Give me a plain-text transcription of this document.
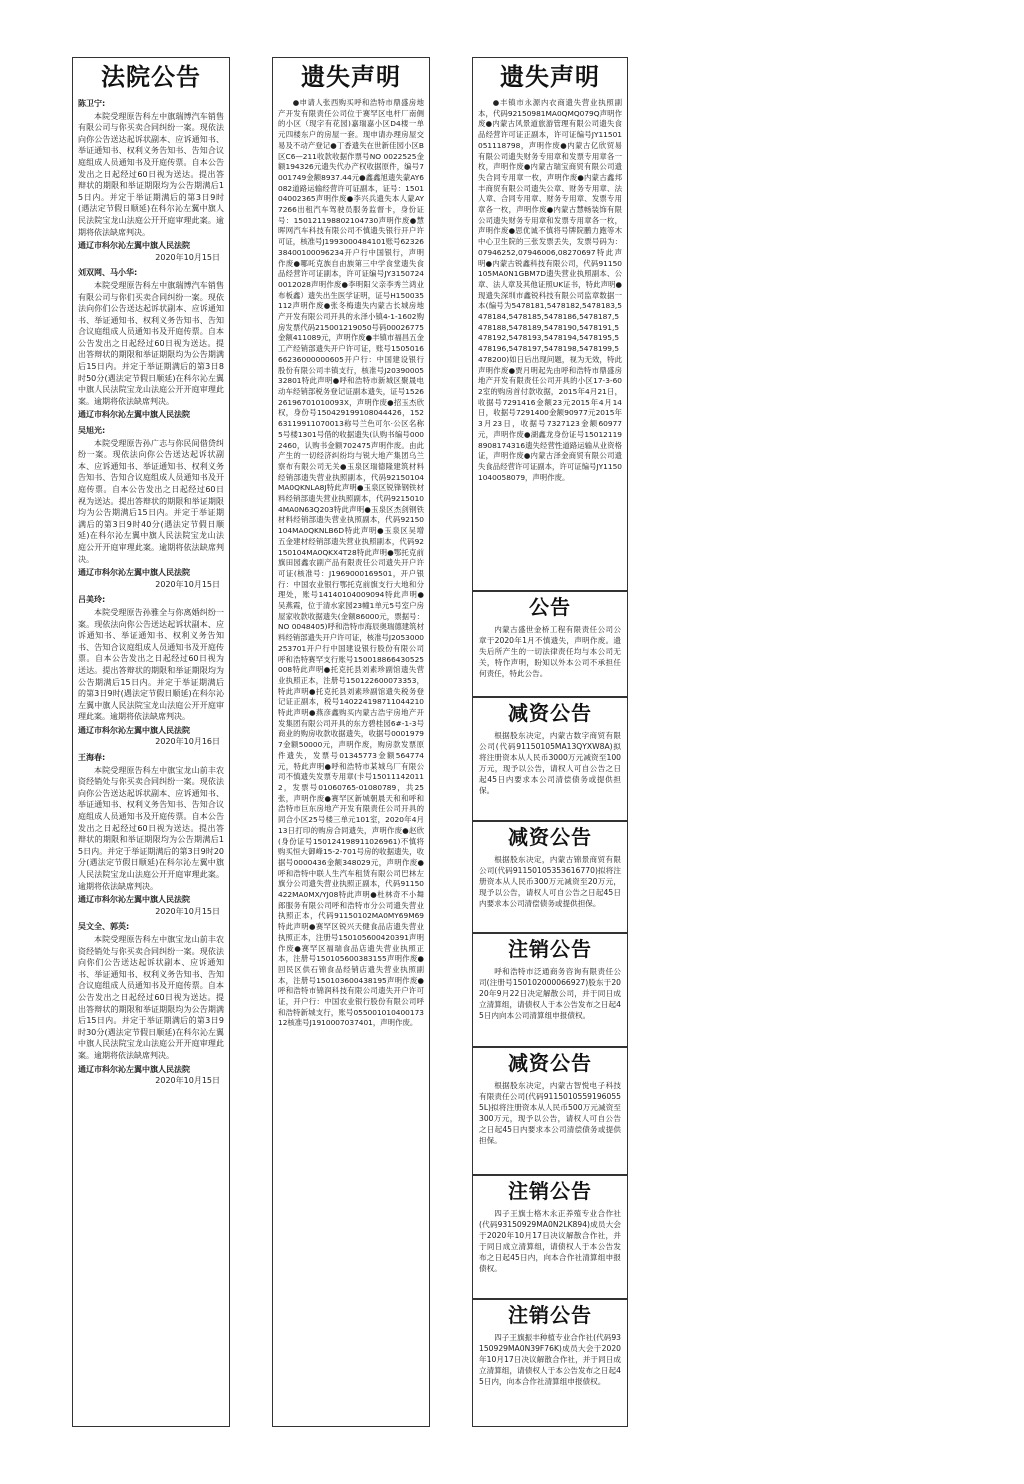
法院公告
陈卫宁:

本院受理原告科左中旗瑞博汽车销售有限公司与你买卖合同纠纷一案。现依法向你公告送达起诉状副本、应诉通知书、举证通知书、权利义务告知书、告知合议庭组成人员通知书及开庭传票。自本公告发出之日起经过60日视为送达。提出答辩状的期限和举证期限均为公告期满后15日内。并定于举证期满后的第3日9时(遇法定节假日顺延)在科尔沁左翼中旗人民法院宝龙山法庭公开开庭审理此案。逾期将依法缺席判决。

通辽市科尔沁左翼中旗人民法院
2020年10月15日
刘双网、马小华:

本院受理原告科左中旗瑞博汽车销售有限公司与你们买卖合同纠纷一案。现依法向你们公告送达起诉状副本、应诉通知书、举证通知书、权利义务告知书、告知合议庭组成人员通知书及开庭传票。自本公告发出之日起经过60日视为送达。提出答辩状的期限和举证期限均为公告期满后15日内。并定于举证期满后的第3日8时50分(遇法定节假日顺延)在科尔沁左翼中旗人民法院宝龙山法庭公开开庭审理此案。逾期将依法缺席判决。

通辽市科尔沁左翼中旗人民法院
吴旭光:

本院受理原告孙广志与你民间借贷纠纷一案。现依法向你公告送达起诉状副本、应诉通知书、举证通知书、权利义务告知书、告知合议庭组成人员通知书及开庭传票。自本公告发出之日起经过60日视为送达。提出答辩状的期限和举证期限均为公告期满后15日内。并定于举证期满后的第3日9时40分(遇法定节假日顺延)在科尔沁左翼中旗人民法院宝龙山法庭公开开庭审理此案。逾期将依法缺席判决。

通辽市科尔沁左翼中旗人民法院
2020年10月15日
吕美玲:

本院受理原告孙雅全与你离婚纠纷一案。现依法向你公告送达起诉状副本、应诉通知书、举证通知书、权利义务告知书、告知合议庭组成人员通知书及开庭传票。自本公告发出之日起经过60日视为送达。提出答辩状的期限和举证期限均为公告期满后15日内。并定于举证期满后的第3日9时(遇法定节假日顺延)在科尔沁左翼中旗人民法院宝龙山法庭公开开庭审理此案。逾期将依法缺席判决。

通辽市科尔沁左翼中旗人民法院
2020年10月16日
王海春:

本院受理原告科左中旗宝龙山前丰农资经销处与你买卖合同纠纷一案。现依法向你公告送达起诉状副本、应诉通知书、举证通知书、权利义务告知书、告知合议庭组成人员通知书及开庭传票。自本公告发出之日起经过60日视为送达。提出答辩状的期限和举证期限均为公告期满后15日内。并定于举证期满后的第3日9时20分(遇法定节假日顺延)在科尔沁左翼中旗人民法院宝龙山法庭公开开庭审理此案。逾期将依法缺席判决。

通辽市科尔沁左翼中旗人民法院
2020年10月15日
吴文全、郭英:

本院受理原告科左中旗宝龙山前丰农资经销处与你买卖合同纠纷一案。现依法向你们公告送达起诉状副本、应诉通知书、举证通知书、权利义务告知书、告知合议庭组成人员通知书及开庭传票。自本公告发出之日起经过60日视为送达。提出答辩状的期限和举证期限均为公告期满后15日内。并定于举证期满后的第3日9时30分(遇法定节假日顺延)在科尔沁左翼中旗人民法院宝龙山法庭公开开庭审理此案。逾期将依法缺席判决。

通辽市科尔沁左翼中旗人民法院
2020年10月15日
遗失声明

●申请人张西购买呼和浩特市鼎盛房地产开发有限责任公司位于赛罕区电杆厂南侧的小区（现字有花园)嘉瑞嘉小区D4楼一单元四楼东户的房屋一套。现申请办理房屋交易及不动产登记●丁香遗失在世新佳园小区B区C6—211收款收据作票号NO 0022525金额194326元遗失代办产权收据原件，编号7001749金额8937.44元●鑫鑫旭遗失蒙AY6082道路运输经营许可证副本，证号：150104002365声明作废●李兴兵遗失本人蒙AY7266出租汽车驾驶员服务监督卡，身份证号：150121198802104730声明作废●慧晖网汽车科技有限公司不慎遗失银行开户许可证，核准号J1993000484101账号6232638400100096234开户行中国银行，声明作废●哪吒克族自由族第三中学食堂遗失食品经营许可证副本，许可证编号JY31507240012028声明作废●李明阳父亲李秀兰鸿业布板鑫）遗失出生医学证明，证号H150035112声明作废●张冬梅遗失内蒙古长城房地产开发有限公司开具的永泽小镇4-1-1602购房发票代码215001219050号码00026775金额411089元，声明作废●丰镇市福昌五金工产经销部遗失开户许可证，账号150501666236000000605开户行：中国建设银行股份有限公司丰镇支行，核准号J2039000532801特此声明●呼和浩特市新城区聚晟电动车经销部税务登记证副本遗失，证号152626196701010093X，声明作废●招玉杰欣权，身份号150429199108044426，15263119911070013称号兰色可尔·公区名称5号楼1301号借的收据遗失(认购书编号0002460，认购书金额702475声明作废。由此产生的一切经济纠纷均与锐大地产集团乌兰察布有限公司无关●玉泉区瑞德隆建筑材料经销部遗失营业执照副本，代码92150104MA0QKNLA8J特此声明●玉泉区锐锋钢铁材料经销部遗失营业执照副本，代码92150104MA0N63Q203特此声明●玉泉区杰剑钢铁材料经销部遗失营业执照副本，代码92150104MA0QKNLB6D特此声明●玉泉区吴增五金建材经销部遗失营业执照副本，代码92150104MA0QKX4T28特此声明●鄂托克前旗田园鑫农副产品有限责任公司遗失开户许可证(核准号：J1969000169501，开户银行：中国农业银行鄂托克前旗支行大地和分理处，账号14140104009094特此声明●吴燕霞，位于清水家园23幢1单元5号室户房屋家收款收据遗失(金额86000元，票据号：NO 0048405)呼和浩特市海辰奥瑞德建筑材料经销部遗失开户许可证，核准号J2053000253701开户行中国建设银行股份有限公司呼和浩特赛罕支行账号150018866430525008特此声明●托克托县刘素珍副馆遗失营业执照正本，注册号150122600073353，特此声明●托克托县刘素珍副馆遗失税务登记证正副本，税号140224198711044210特此声明●燕彦鑫购买内蒙古浩宇房地产开发集团有限公司开具的东方碧桂园6#-1-3号商业的购房收款收据遗失，收据号00019797金额50000元，声明作废，购房款发票原件遗失，发票号01345773金额564774元，特此声明●呼和浩特市某城乌厂有限公司不慎遗失发票专用章(卡号150111420112，发票号01060765-01080789，共25张，声明作废●赛罕区新城朝晨天和和呼和浩特市巨东房地产开发有限责任公司开具的同合小区25号楼三单元101室，2020年4月13日打印的购房合同遗失，声明作废●赵欣(身份证号150124198911026961)不慎将购买恒大御峰15-2-701号房的收据遗失，收据号0000436金额348029元，声明作废●呼和浩特中联人生汽车租赁有限公司巴林左旗分公司遗失营业执照正副本，代码91150422MA0MX/YJ08特此声明●杜林奇不小舞郎服务有限公司呼和浩特市分公司遗失营业执照正本，代码91150102MA0MY69M69特此声明●赛罕区锐兴天健食品店遗失营业执照正本，注册号150105600420391声明作废●赛罕区福瑞食品店遗失营业执照正本，注册号150105600383155声明作废●回民区供石锦食品经销店遗失营业执照副本，注册号150103600438195声明作废●呼和浩特市锦润科技有限公司遗失开户许可证，开户行：中国农业银行股份有限公司呼和浩特新城支行，账号05500101040017312核准号J1910007037401，声明作废。

遗失声明

●丰镇市永源内衣商遗失营业执照副本，代码92150981MA0QMQ079Q声明作废●内蒙古风景道旅游管理有限公司遗失食品经营许可证正副本，许可证编号JY11501051118798，声明作废●内蒙古亿欣贸易有限公司遗失财务专用章和发票专用章各一枚，声明作废●内蒙古瑞宝商贸有限公司遗失合同专用章一枚，声明作废●内蒙古鑫邦丰商贸有限公司遗失公章、财务专用章、法人章、合同专用章、财务专用章、发票专用章各一枚，声明作废●内蒙古慧畅装饰有限公司遗失财务专用章和发票专用章各一枚，声明作废●思优诚不慎将号牌院鹏力跑等木中心卫生院的三张发票丢失，发票号码为：07946252,07946006,08270697特此声明●内蒙古锐鑫科技有限公司，代码91150105MA0N1GBM7D遗失营业执照副本、公章、法人章及其他证照UK证书，特此声明●现遗失深圳市鑫锐科技有限公司监章数据一本(编号为5478181,5478182,5478183,5478184,5478185,5478186,5478187,5478188,5478189,5478190,5478191,5478192,5478193,5478194,5478195,5478196,5478197,5478198,5478199,5478200)如日后出现问题，视为无效，特此声明作废●贾月明起先由呼和浩特市鼎盛房地产开发有限责任公司开具的小区17-3-602室的购房首付款收据，2015年4月21日，收据号7291416金额23元2015年4月14日，收据号7291400金额90977元2015年3月23日，收据号7327123金额60977元，声明作废●湖鑫龙身份证号150121198908174316遗失经营性道路运输从业资格证，声明作废●内蒙古泽金商贸有限公司遗失食品经营许可证副本，许可证编号JY11501040058079，声明作废。

公告

内蒙古盛世金桥工程有限责任公司公章于2020年1月不慎遗失，声明作废。遗失后所产生的一切法律责任均与本公司无关，特作声明，盼知以外本公司不承担任何责任，特此公告。

减资公告

根据股东决定，内蒙古数字商贸有限公司(代码91150105MA13QYXW8A)拟将注册资本从人民币3000万元减资至100万元，现予以公告，请权人可自公告之日起45日内要求本公司清偿债务或提供担保。

减资公告

根据股东决定，内蒙古锦景商贸有限公司(代码91150105353616770)拟将注册资本从人民币300万元减资至20万元，现予以公告，请权人可自公告之日起45日内要求本公司清偿债务或提供担保。

注销公告

呼和浩特市泛通商务咨询有限责任公司(注册号150102000066927)股东于2020年9月22日决定解散公司，并于同日成立清算组，请债权人于本公告发布之日起45日内向本公司清算组申报债权。

减资公告

根据股东决定，内蒙古智悦电子科技有限责任公司(代码91150105591960555L)拟将注册资本从人民币500万元减资至300万元，现予以公告，请权人可自公告之日起45日内要求本公司清偿债务或提供担保。

注销公告

四子王旗士格木永正养殖专业合作社(代码93150929MA0N2LK894)成员大会于2020年10月17日决议解散合作社，并于同日成立清算组，请债权人于本公告发布之日起45日内，向本合作社清算组申报债权。

注销公告

四子王旗振丰种植专业合作社(代码93150929MA0N39F76K)成员大会于2020年10月17日决议解散合作社，并于同日成立清算组，请债权人于本公告发布之日起45日内，向本合作社清算组申报债权。
